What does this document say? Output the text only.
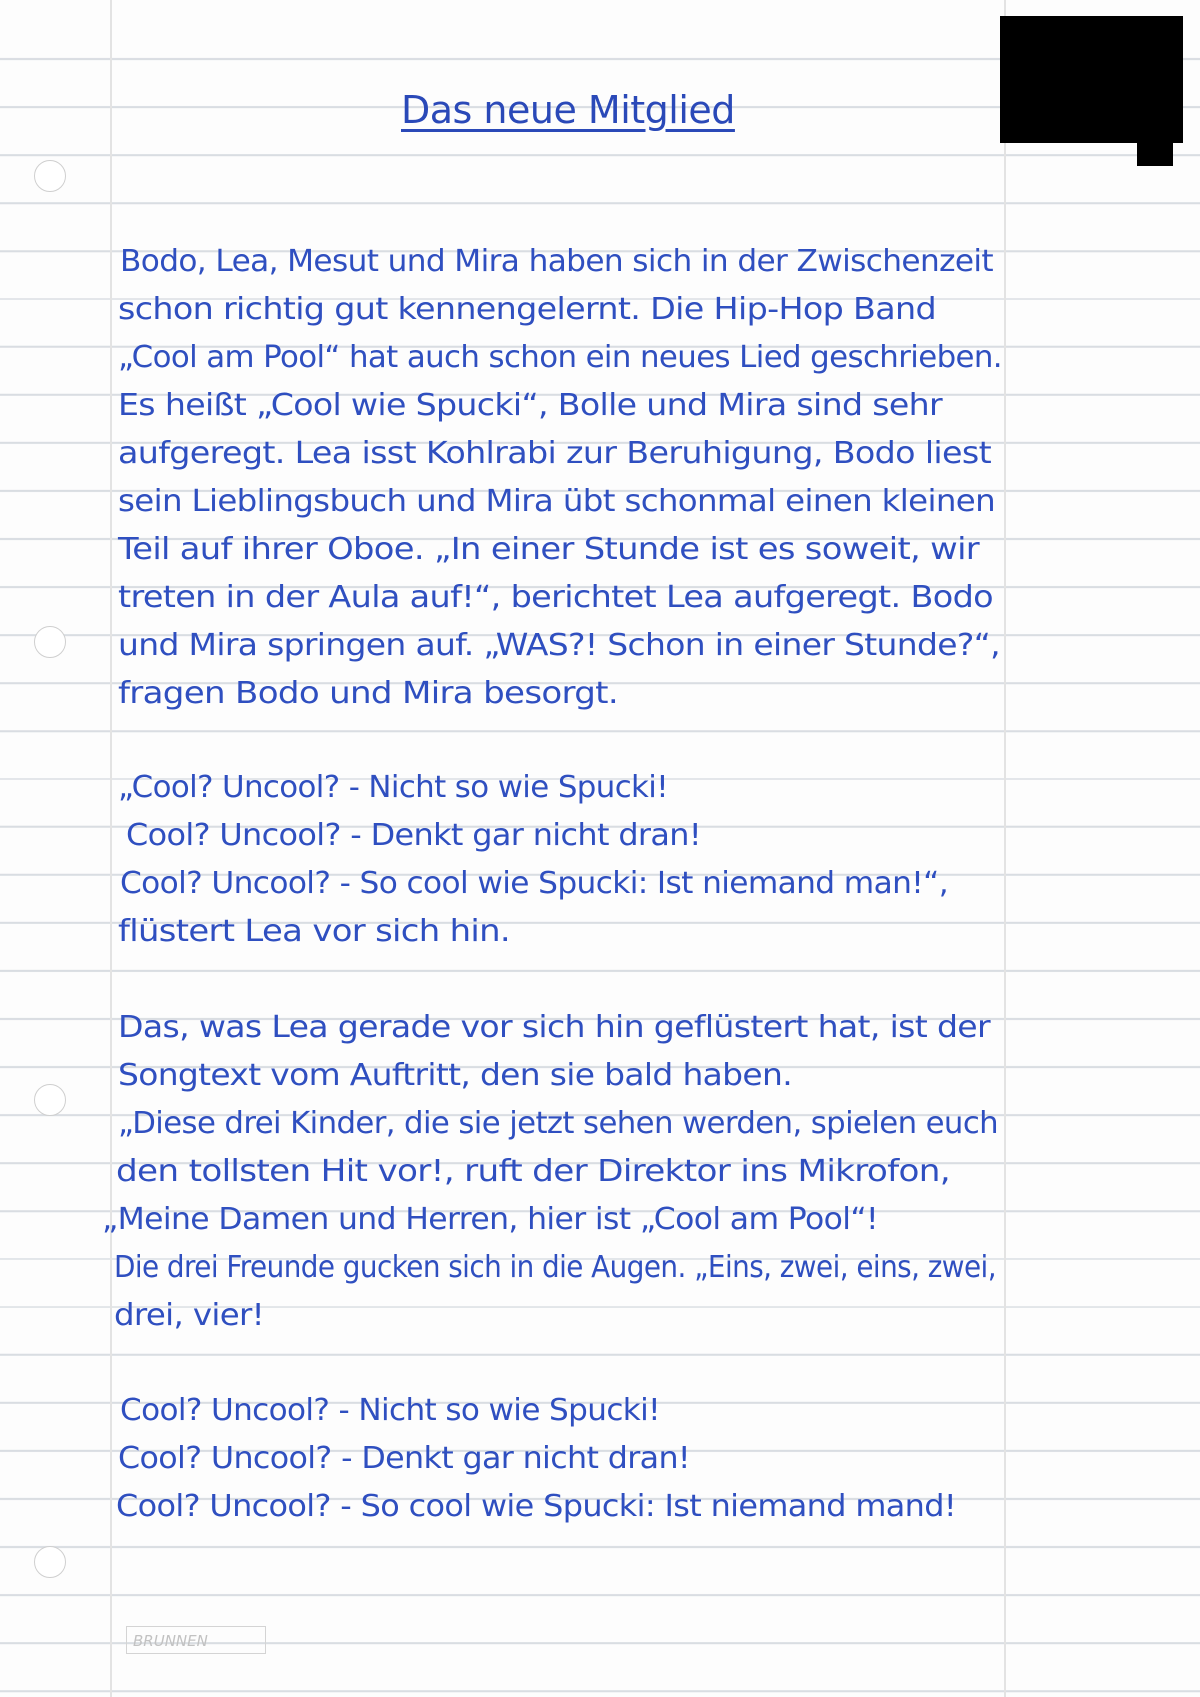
Das neue Mitglied
Bodo, Lea, Mesut und Mira haben sich in der Zwischenzeit
schon richtig gut kennengelernt. Die Hip-Hop Band
„Cool am Pool“ hat auch schon ein neues Lied geschrieben.
Es heißt „Cool wie Spucki“, Bolle und Mira sind sehr
aufgeregt. Lea isst Kohlrabi zur Beruhigung, Bodo liest
sein Lieblingsbuch und Mira übt schonmal einen kleinen
Teil auf ihrer Oboe. „In einer Stunde ist es soweit, wir
treten in der Aula auf!“, berichtet Lea aufgeregt. Bodo
und Mira springen auf. „WAS?! Schon in einer Stunde?“,
fragen Bodo und Mira besorgt.
„Cool? Uncool? - Nicht so wie Spucki!
Cool? Uncool? - Denkt gar nicht dran!
Cool? Uncool? - So cool wie Spucki: Ist niemand man!“,
flüstert Lea vor sich hin.
Das, was Lea gerade vor sich hin geflüstert hat, ist der
Songtext vom Auftritt, den sie bald haben.
„Diese drei Kinder, die sie jetzt sehen werden, spielen euch
den tollsten Hit vor!, ruft der Direktor ins Mikrofon,
„Meine Damen und Herren, hier ist „Cool am Pool“!
Die drei Freunde gucken sich in die Augen. „Eins, zwei, eins, zwei,
drei, vier!
Cool? Uncool? - Nicht so wie Spucki!
Cool? Uncool? - Denkt gar nicht dran!
Cool? Uncool? - So cool wie Spucki: Ist niemand mand!
BRUNNEN
